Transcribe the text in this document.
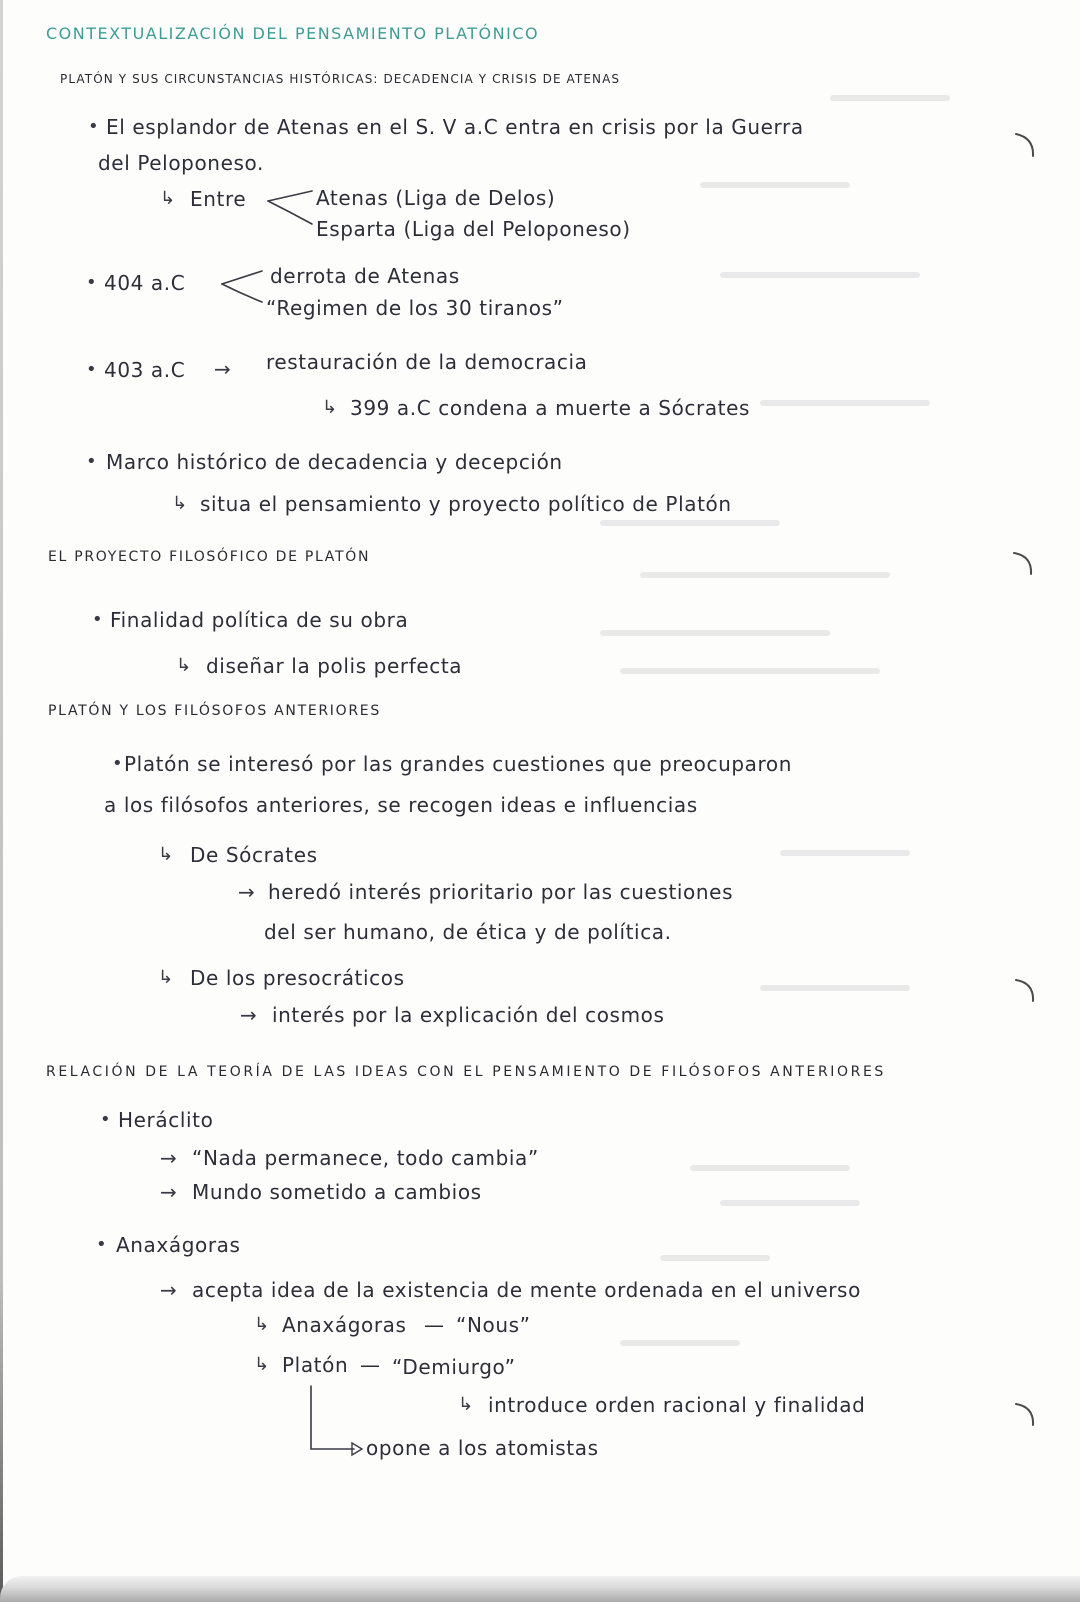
CONTEXTUALIZACIÓN DEL PENSAMIENTO PLATÓNICO
PLATÓN Y SUS CIRCUNSTANCIAS HISTÓRICAS: DECADENCIA Y CRISIS DE ATENAS
•
El esplandor de Atenas en el S. V a.C entra en crisis por la Guerra
del Peloponeso.
↳
Entre	Atenas (Liga de Delos)
Esparta (Liga del Peloponeso)
•
404 a.C	derrota de Atenas
“Regimen de los 30 tiranos”
•
403 a.C
→	restauración de la democracia
↳
399 a.C condena a muerte a Sócrates
•
Marco histórico de decadencia y decepción
↳
situa el pensamiento y proyecto político de Platón
EL PROYECTO FILOSÓFICO DE PLATÓN
•
Finalidad política de su obra
↳
diseñar la polis perfecta
PLATÓN Y LOS FILÓSOFOS ANTERIORES
•
Platón se interesó por las grandes cuestiones que preocuparon
a los filósofos anteriores, se recogen ideas e influencias
↳
De Sócrates
→
heredó interés prioritario por las cuestiones
del ser humano, de ética y de política.
↳
De los presocráticos
→
interés por la explicación del cosmos
RELACIÓN DE LA TEORÍA DE LAS IDEAS CON EL PENSAMIENTO DE FILÓSOFOS ANTERIORES
•
Heráclito
→
“Nada permanece, todo cambia”
→
Mundo sometido a cambios
•
Anaxágoras
→
acepta idea de la existencia de mente ordenada en el universo
↳
Anaxágoras — “Nous”
↳
Platón — “Demiurgo”
↳
introduce orden racional y finalidad
opone a los atomistas
